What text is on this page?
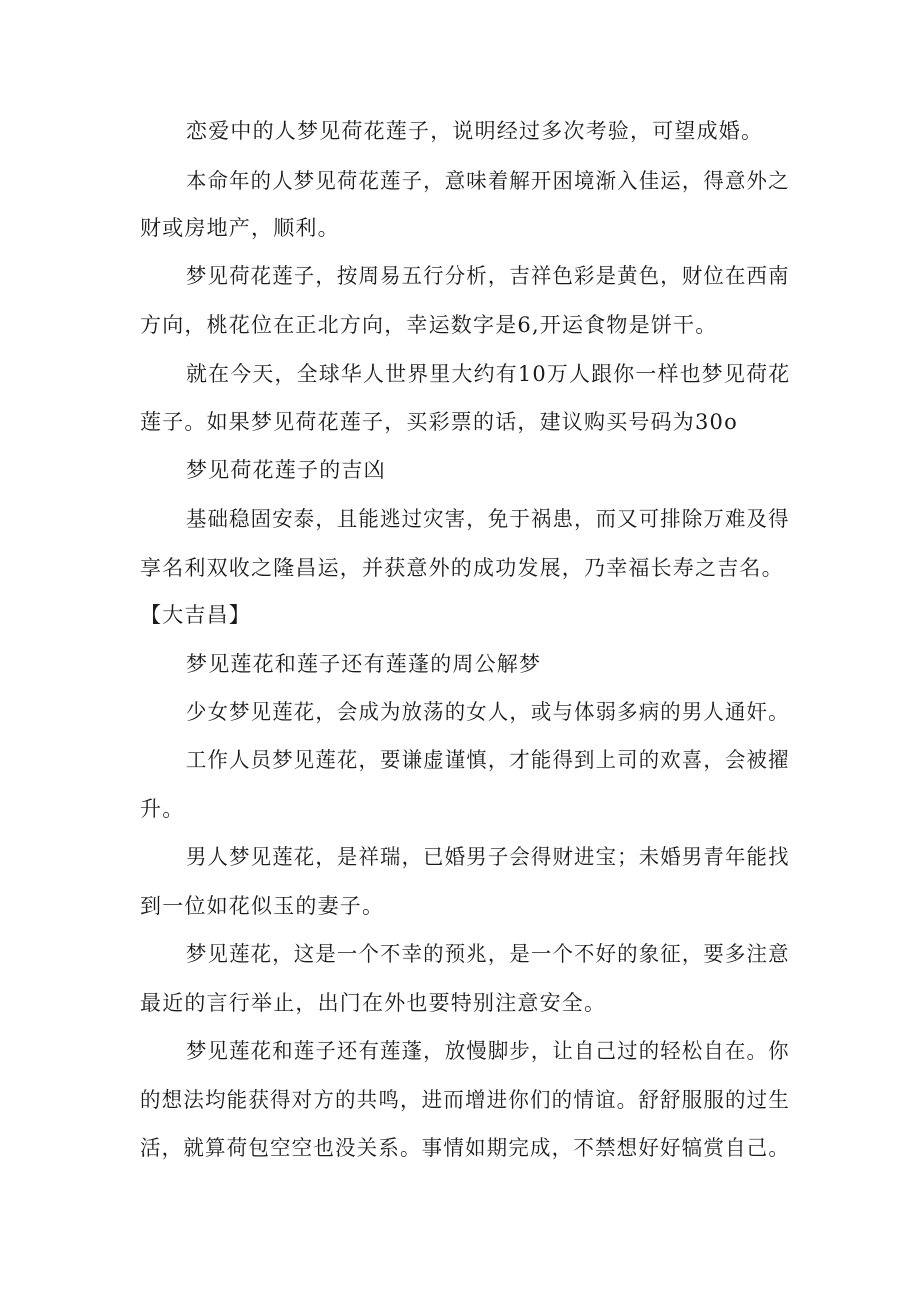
恋爱中的人梦见荷花莲子，说明经过多次考验，可望成婚。
本命年的人梦见荷花莲子，意味着解开困境渐入佳运，得意外之
财或房地产，顺利。
梦见荷花莲子，按周易五行分析，吉祥色彩是黄色，财位在西南
方向，桃花位在正北方向，幸运数字是6,开运食物是饼干。
就在今天，全球华人世界里大约有10万人跟你一样也梦见荷花
莲子。如果梦见荷花莲子，买彩票的话，建议购买号码为30o
梦见荷花莲子的吉凶
基础稳固安泰，且能逃过灾害，免于祸患，而又可排除万难及得
享名利双收之隆昌运，并获意外的成功发展，乃幸福长寿之吉名。
【大吉昌】
梦见莲花和莲子还有莲蓬的周公解梦
少女梦见莲花，会成为放荡的女人，或与体弱多病的男人通奸。
工作人员梦见莲花，要谦虚谨慎，才能得到上司的欢喜，会被擢
升。
男人梦见莲花，是祥瑞，已婚男子会得财进宝；未婚男青年能找
到一位如花似玉的妻子。
梦见莲花，这是一个不幸的预兆，是一个不好的象征，要多注意
最近的言行举止，出门在外也要特别注意安全。
梦见莲花和莲子还有莲蓬，放慢脚步，让自己过的轻松自在。你
的想法均能获得对方的共鸣，进而增进你们的情谊。舒舒服服的过生
活，就算荷包空空也没关系。事情如期完成，不禁想好好犒赏自己。
